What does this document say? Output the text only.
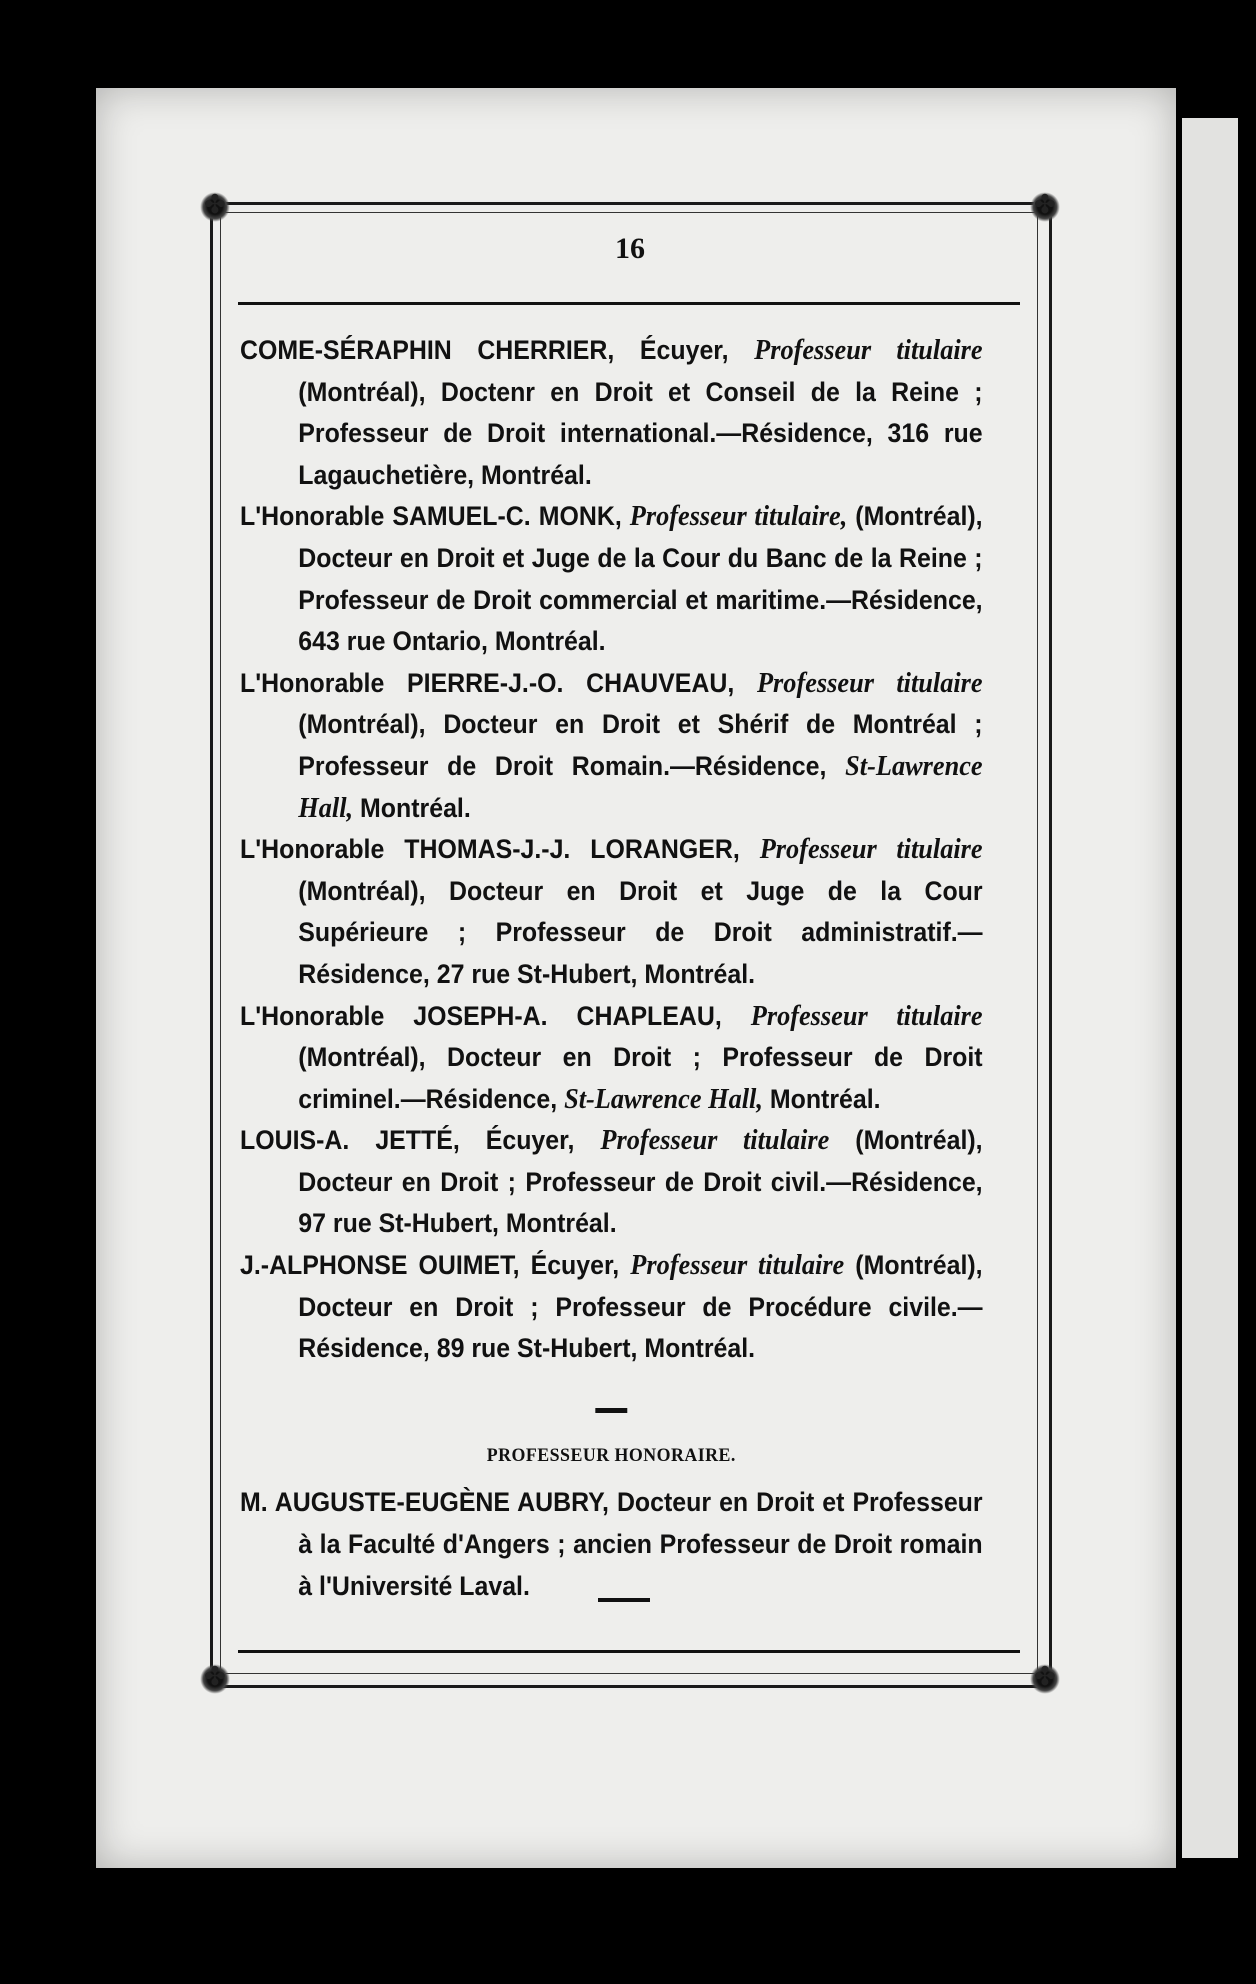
✤
✤
✤
✤
16

COME-SÉRAPHIN CHERRIER, Écuyer, Professeur titulaire (Montréal), Doctenr en Droit et Conseil de la Reine ; Professeur de Droit international.—Résidence, 316 rue Lagauchetière, Montréal.

L'Honorable SAMUEL-C. MONK, Professeur titulaire, (Montréal), Docteur en Droit et Juge de la Cour du Banc de la Reine ; Professeur de Droit commercial et maritime.—Résidence, 643 rue Ontario, Montréal.

L'Honorable PIERRE-J.-O. CHAUVEAU, Professeur titulaire (Montréal), Docteur en Droit et Shérif de Montréal ; Professeur de Droit Romain.—Résidence, St-Lawrence Hall, Montréal.

L'Honorable THOMAS-J.-J. LORANGER, Professeur titulaire (Montréal), Docteur en Droit et Juge de la Cour Supérieure ; Professeur de Droit administratif.—Résidence, 27 rue St-Hubert, Montréal.

L'Honorable JOSEPH-A. CHAPLEAU, Professeur titulaire (Montréal), Docteur en Droit ; Professeur de Droit criminel.—Résidence, St-Lawrence Hall, Montréal.

LOUIS-A. JETTÉ, Écuyer, Professeur titulaire (Montréal), Docteur en Droit ; Professeur de Droit civil.—Résidence, 97 rue St-Hubert, Montréal.

J.-ALPHONSE OUIMET, Écuyer, Professeur titulaire (Montréal), Docteur en Droit ; Professeur de Procédure civile.—Résidence, 89 rue St-Hubert, Montréal.

PROFESSEUR HONORAIRE.

M. AUGUSTE-EUGÈNE AUBRY, Docteur en Droit et Professeur à la Faculté d'Angers ; ancien Professeur de Droit romain à l'Université Laval.
